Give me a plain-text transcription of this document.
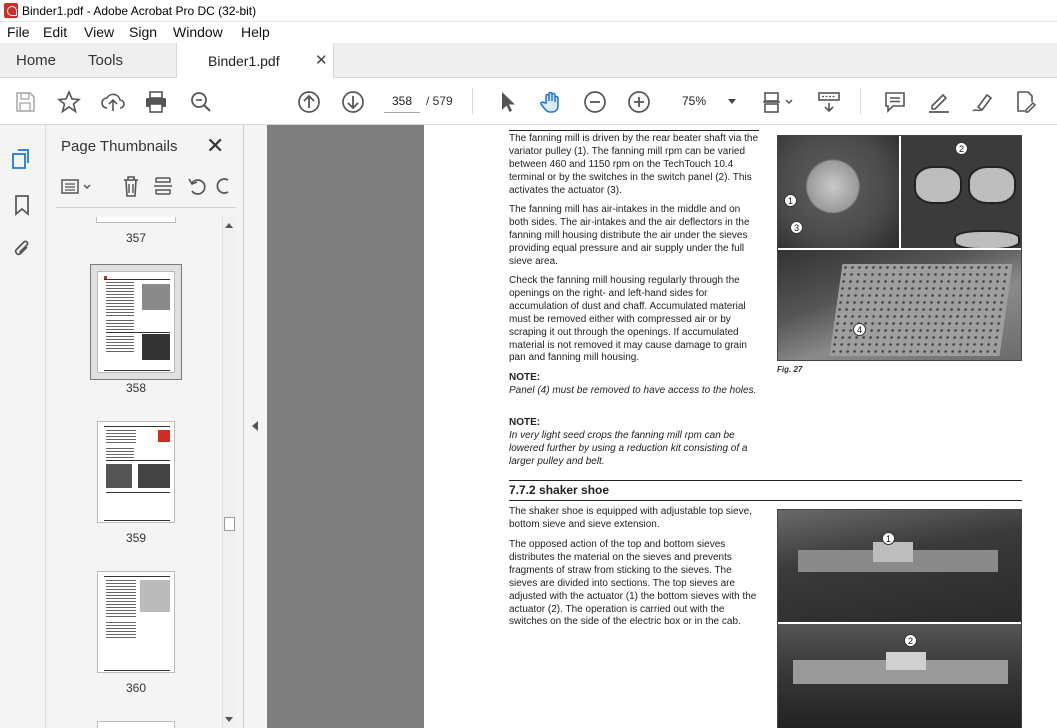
Binder1.pdf - Adobe Acrobat Pro DC (32-bit)
File Edit View Sign Window Help
Home Tools	Binder1.pdf ✕
358	/ 579	75%
Page Thumbnails ✕
357
358
359
360
The fanning mill is driven by the rear beater shaft via the variator pulley (1). The fanning mill rpm can be varied between 460 and 1150 rpm on the TechTouch 10.4 terminal or by the switches in the switch panel (2). This activates the actuator (3).
The fanning mill has air-intakes in the middle and on both sides. The air-intakes and the air deflectors in the fanning mill housing distribute the air under the sieves providing equal pressure and air supply under the full sieve area.
Check the fanning mill housing regularly through the openings on the right- and left-hand sides for accumulation of dust and chaff. Accumulated material must be removed either with compressed air or by scraping it out through the openings. If accumulated material is not removed it may cause damage to grain pan and fanning mill housing.
NOTE:
Panel (4) must be removed to have access to the holes.
NOTE:
In very light seed crops the fanning mill rpm can be lowered further by using a reduction kit consisting of a larger pulley and belt.
1
3
2
4
Fig. 27
7.7.2 shaker shoe
The shaker shoe is equipped with adjustable top sieve, bottom sieve and sieve extension.
The opposed action of the top and bottom sieves distributes the material on the sieves and prevents fragments of straw from sticking to the sieves. The sieves are divided into sections. The top sieves are adjusted with the actuator (1) the bottom sieves with the actuator (2). The operation is carried out with the switches on the side of the electric box or in the cab.
1
2
